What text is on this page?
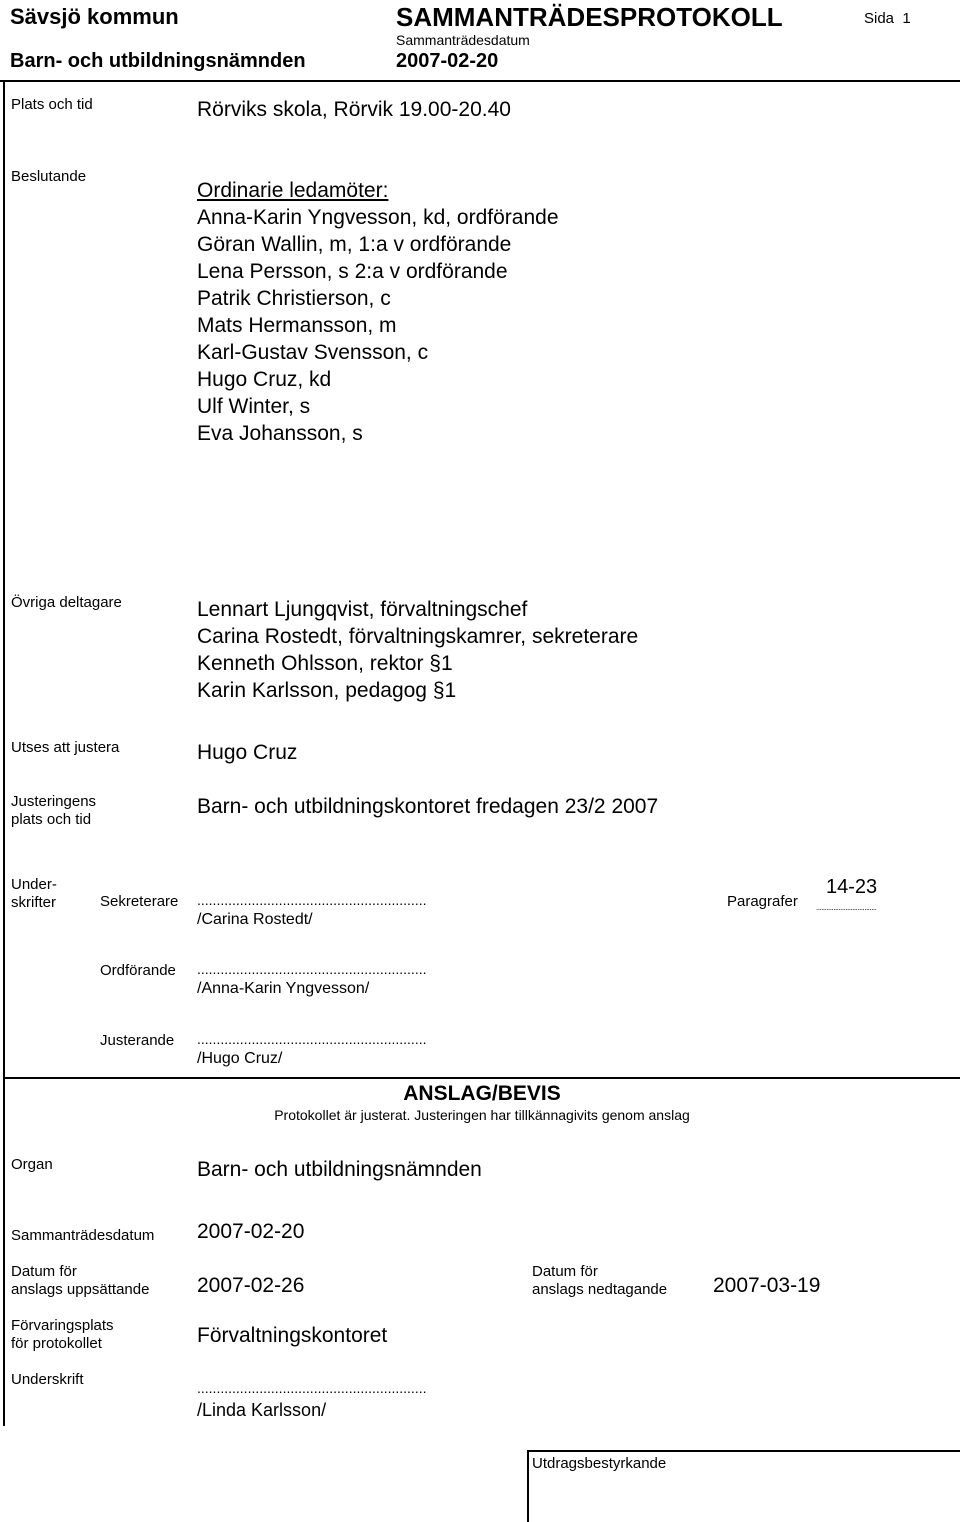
Sävsjö kommun
Barn- och utbildningsnämnden
SAMMANTRÄDESPROTOKOLL
Sammanträdesdatum
2007-02-20
Sida 1
Plats och tid	Rörviks skola, Rörvik 19.00-20.40
Beslutande
Ordinarie ledamöter:
Anna-Karin Yngvesson, kd, ordförande
Göran Wallin, m, 1:a v ordförande
Lena Persson, s 2:a v ordförande
Patrik Christierson, c
Mats Hermansson, m
Karl-Gustav Svensson, c
Hugo Cruz, kd
Ulf Winter, s
Eva Johansson, s
Övriga deltagare	Lennart Ljungqvist, förvaltningschef
Carina Rostedt, förvaltningskamrer, sekreterare
Kenneth Ohlsson, rektor §1
Karin Karlsson, pedagog §1
Utses att justera	Hugo Cruz
Justeringens
plats och tid
Barn- och utbildningskontoret fredagen 23/2 2007
Under-
skrifter	Sekreterare ...........................................................
/Carina Rostedt/
Paragrafer
14-23
...................................
Ordförande ...........................................................
/Anna-Karin Yngvesson/
Justerande ...........................................................
/Hugo Cruz/
ANSLAG/BEVIS
Protokollet är justerat. Justeringen har tillkännagivits genom anslag
Organ	Barn- och utbildningsnämnden
Sammanträdesdatum 2007-02-20
Datum för
anslags uppsättande 2007-02-26
Datum för
anslags nedtagande 2007-03-19
Förvaringsplats
för protokollet	Förvaltningskontoret
Underskrift	...........................................................
/Linda Karlsson/
Utdragsbestyrkande
